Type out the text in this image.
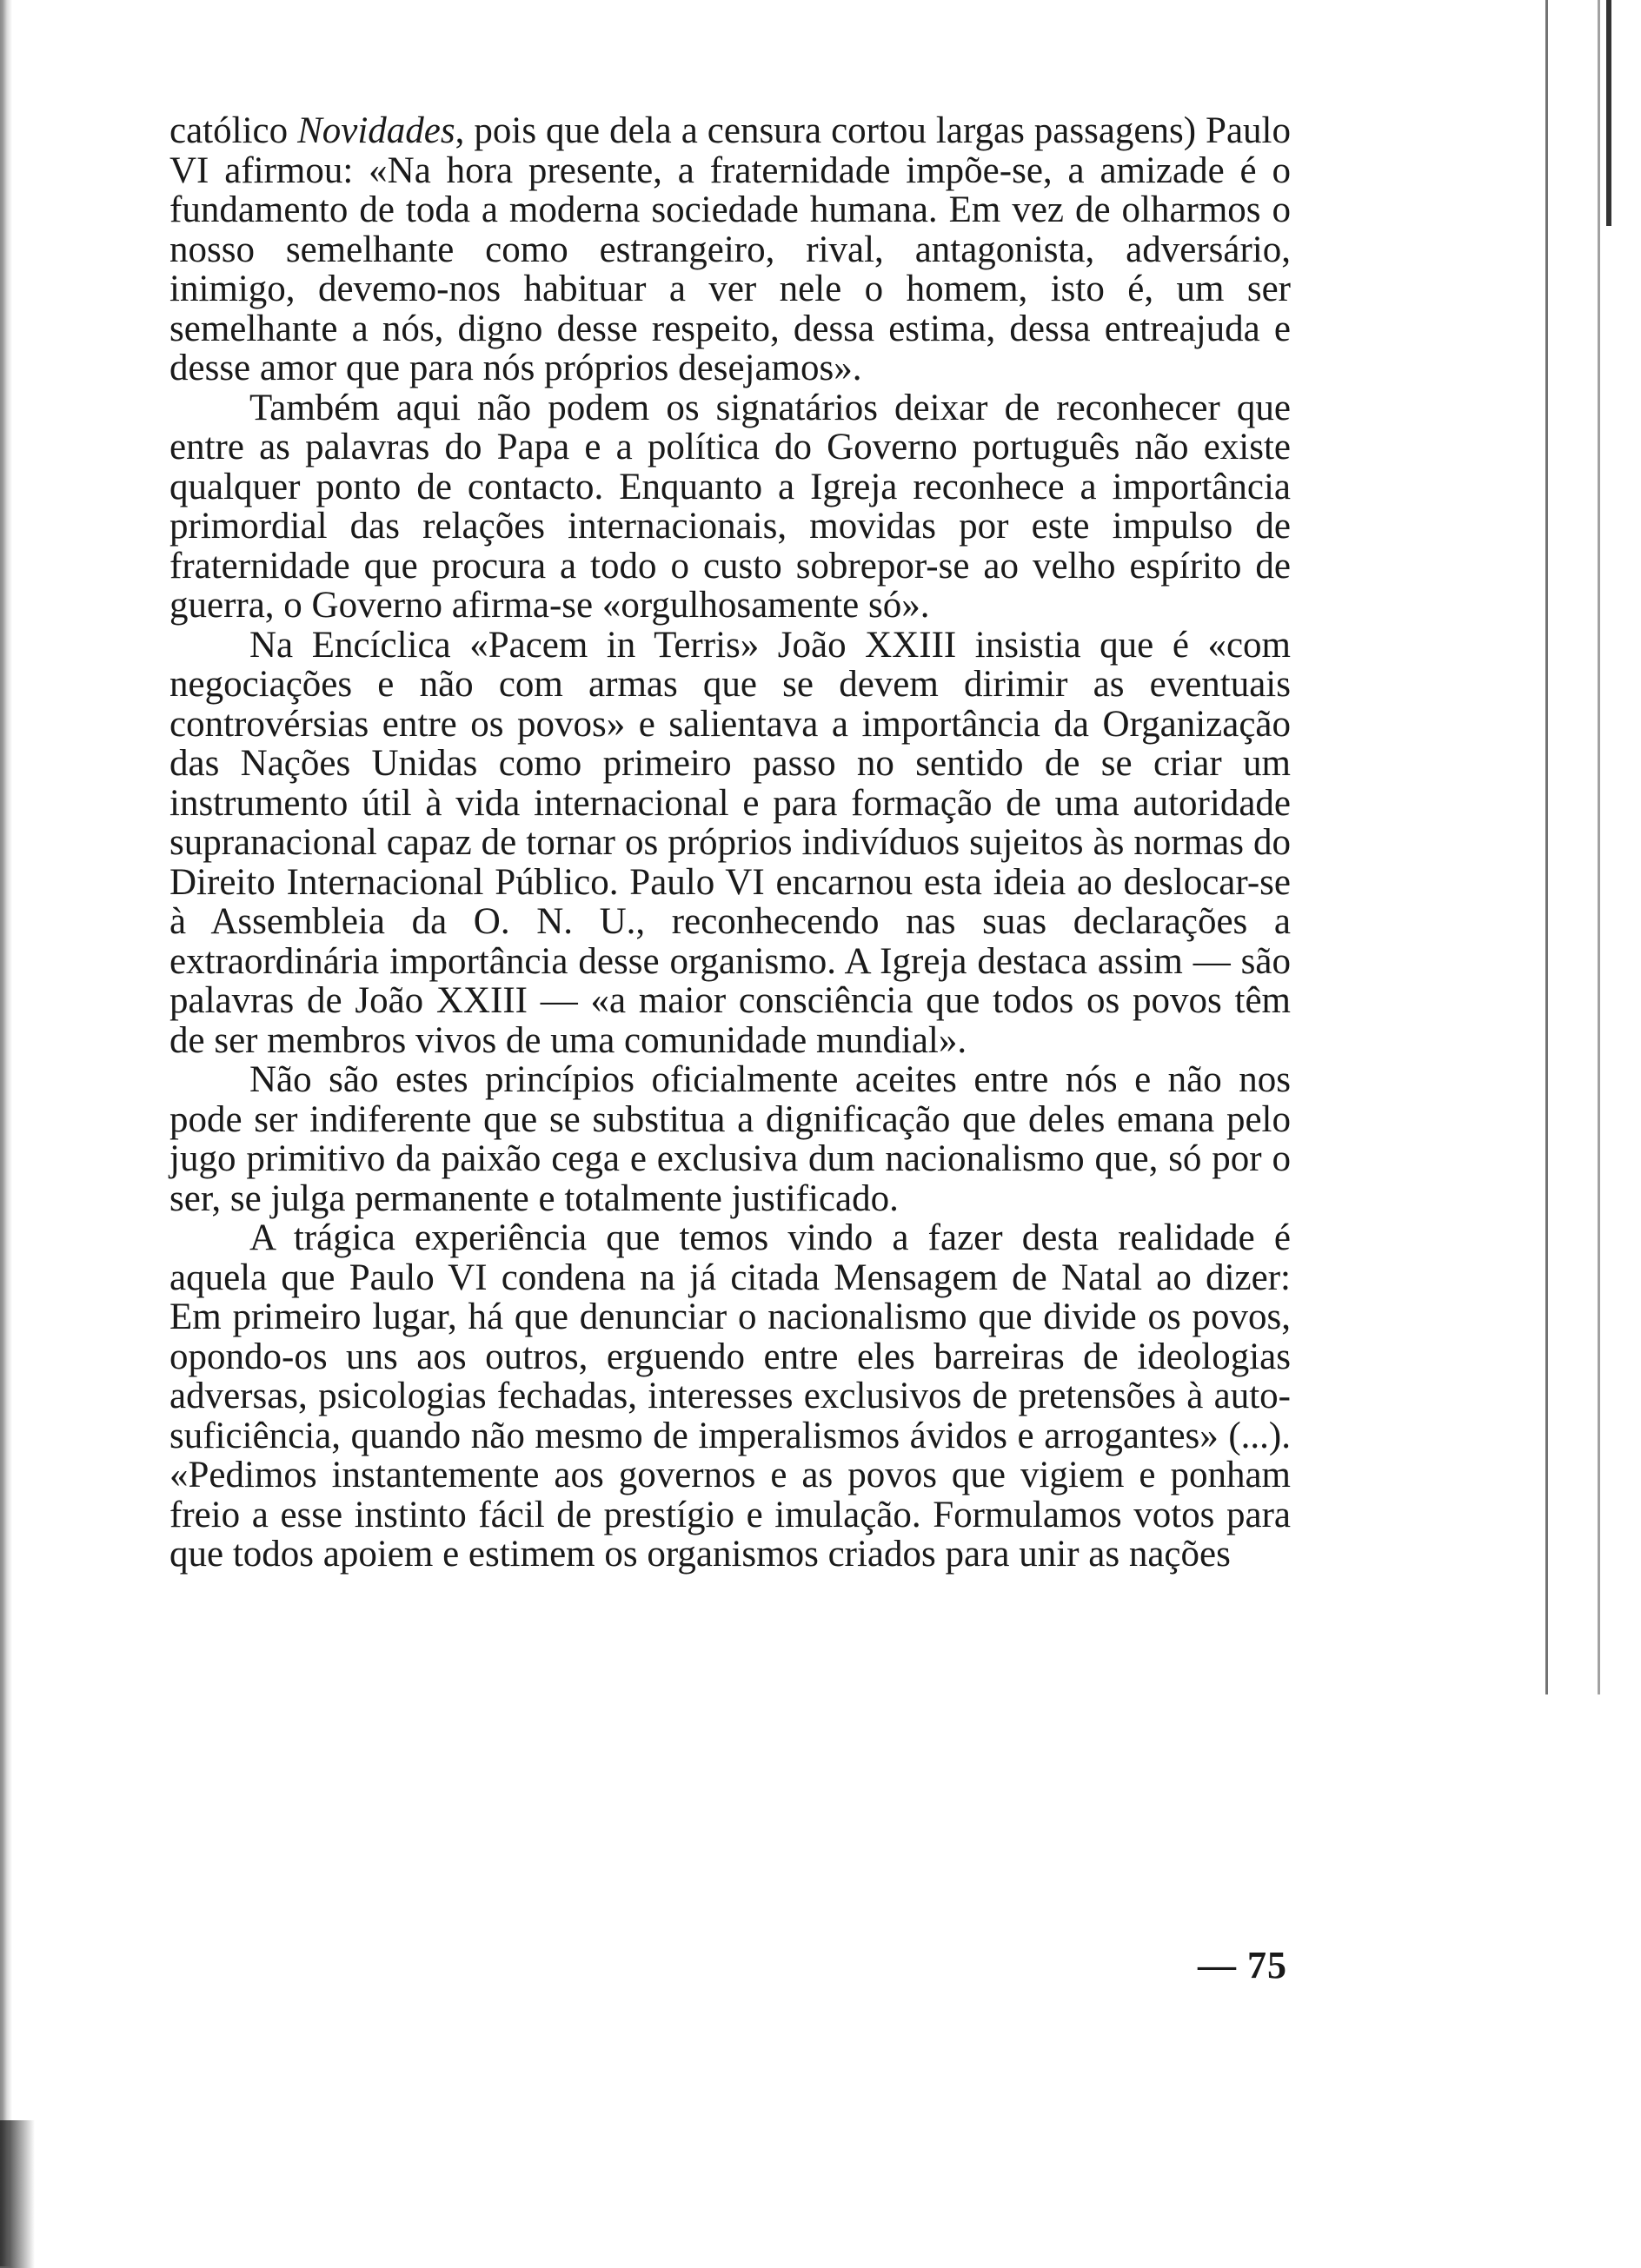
católico Novidades, pois que dela a censura cortou largas passagens) Paulo VI afirmou: «Na hora presente, a fraternidade impõe-se, a amizade é o fundamento de toda a moderna sociedade humana. Em vez de olharmos o nosso semelhante como estrangeiro, rival, antagonista, adversário, inimigo, devemo-nos habituar a ver nele o homem, isto é, um ser semelhante a nós, digno desse respeito, dessa estima, dessa entreajuda e desse amor que para nós próprios desejamos».

Também aqui não podem os signatários deixar de reconhecer que entre as palavras do Papa e a política do Governo português não existe qualquer ponto de contacto. Enquanto a Igreja reconhece a importância primordial das relações internacionais, movidas por este impulso de fraternidade que procura a todo o custo sobrepor-se ao velho espírito de guerra, o Governo afirma-se «orgulhosamente só».

Na Encíclica «Pacem in Terris» João XXIII insistia que é «com negociações e não com armas que se devem dirimir as eventuais controvérsias entre os povos» e salientava a importância da Organização das Nações Unidas como primeiro passo no sentido de se criar um instrumento útil à vida internacional e para formação de uma autoridade supranacional capaz de tornar os próprios indivíduos sujeitos às normas do Direito Internacional Público. Paulo VI encarnou esta ideia ao deslocar-se à Assembleia da O. N. U., reconhecendo nas suas declarações a extraordinária importância desse organismo. A Igreja destaca assim — são palavras de João XXIII — «a maior consciência que todos os povos têm de ser membros vivos de uma comunidade mundial».

Não são estes princípios oficialmente aceites entre nós e não nos pode ser indiferente que se substitua a dignificação que deles emana pelo jugo primitivo da paixão cega e exclusiva dum nacionalismo que, só por o ser, se julga permanente e totalmente justificado.

A trágica experiência que temos vindo a fazer desta realidade é aquela que Paulo VI condena na já citada Mensagem de Natal ao dizer: Em primeiro lugar, há que denunciar o nacionalismo que divide os povos, opondo-os uns aos outros, erguendo entre eles barreiras de ideologias adversas, psicologias fechadas, interesses exclusivos de pretensões à auto-suficiência, quando não mesmo de imperalismos ávidos e arrogantes» (...). «Pedimos instantemente aos governos e as povos que vigiem e ponham freio a esse instinto fácil de prestígio e imulação. Formulamos votos para que todos apoiem e estimem os organismos criados para unir as nações

— 75
